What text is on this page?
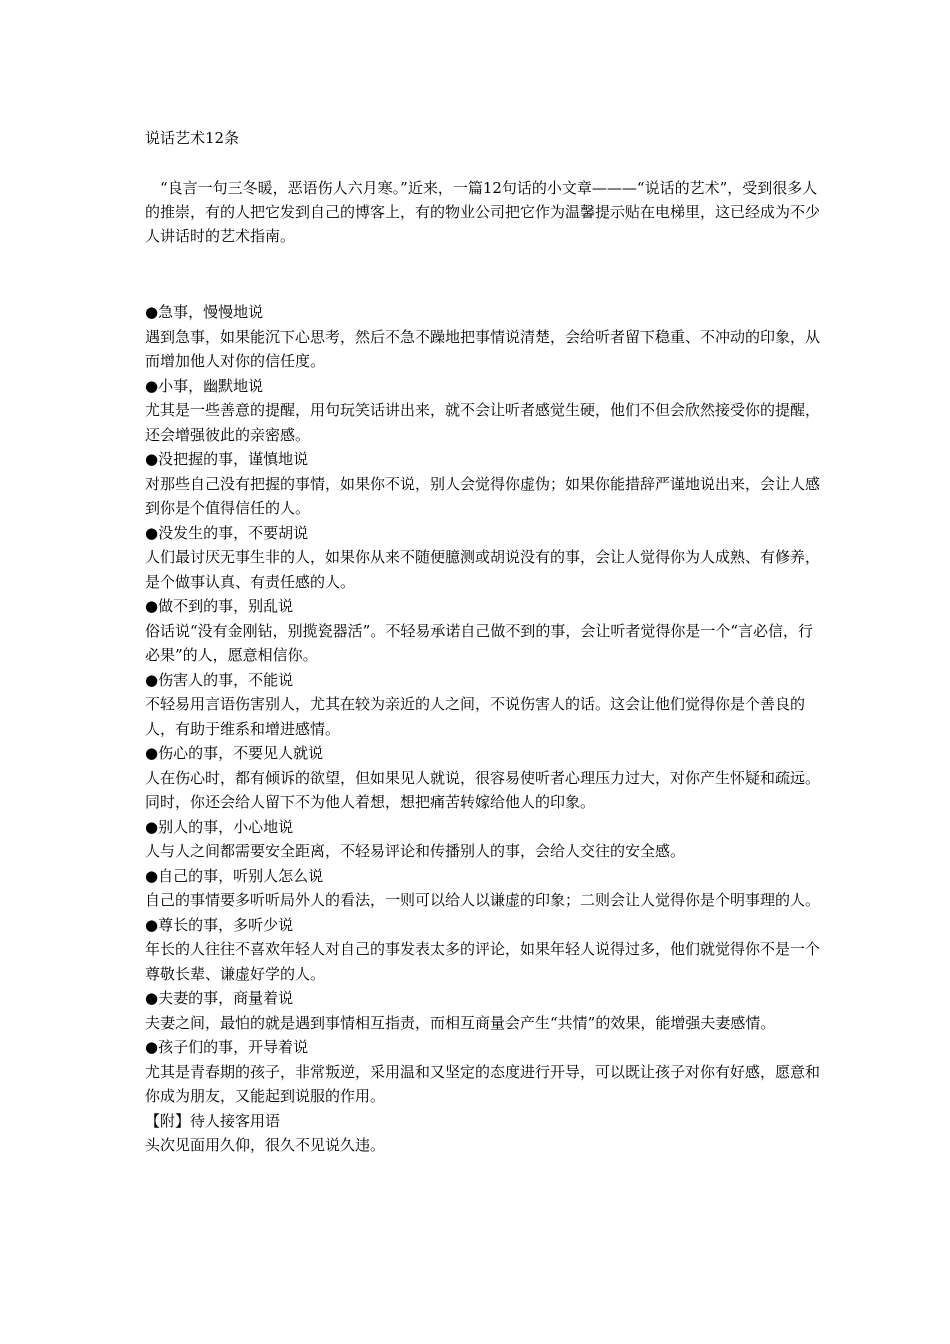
说话艺术12条

“良言一句三冬暖，恶语伤人六月寒。”近来，一篇12句话的小文章———“说话的艺术”，受到很多人的推崇，有的人把它发到自己的博客上，有的物业公司把它作为温馨提示贴在电梯里，这已经成为不少人讲话时的艺术指南。

●急事，慢慢地说

遇到急事，如果能沉下心思考，然后不急不躁地把事情说清楚，会给听者留下稳重、不冲动的印象，从而增加他人对你的信任度。

●小事，幽默地说

尤其是一些善意的提醒，用句玩笑话讲出来，就不会让听者感觉生硬，他们不但会欣然接受你的提醒，还会增强彼此的亲密感。

●没把握的事，谨慎地说

对那些自己没有把握的事情，如果你不说，别人会觉得你虚伪；如果你能措辞严谨地说出来，会让人感到你是个值得信任的人。

●没发生的事，不要胡说

人们最讨厌无事生非的人，如果你从来不随便臆测或胡说没有的事，会让人觉得你为人成熟、有修养，是个做事认真、有责任感的人。

●做不到的事，别乱说

俗话说“没有金刚钻，别揽瓷器活”。不轻易承诺自己做不到的事，会让听者觉得你是一个“言必信，行必果”的人，愿意相信你。

●伤害人的事，不能说

不轻易用言语伤害别人，尤其在较为亲近的人之间，不说伤害人的话。这会让他们觉得你是个善良的人，有助于维系和增进感情。

●伤心的事，不要见人就说

人在伤心时，都有倾诉的欲望，但如果见人就说，很容易使听者心理压力过大，对你产生怀疑和疏远。同时，你还会给人留下不为他人着想，想把痛苦转嫁给他人的印象。

●别人的事，小心地说

人与人之间都需要安全距离，不轻易评论和传播别人的事，会给人交往的安全感。

●自己的事，听别人怎么说

自己的事情要多听听局外人的看法，一则可以给人以谦虚的印象；二则会让人觉得你是个明事理的人。

●尊长的事，多听少说

年长的人往往不喜欢年轻人对自己的事发表太多的评论，如果年轻人说得过多，他们就觉得你不是一个尊敬长辈、谦虚好学的人。

●夫妻的事，商量着说

夫妻之间，最怕的就是遇到事情相互指责，而相互商量会产生“共情”的效果，能增强夫妻感情。

●孩子们的事，开导着说

尤其是青春期的孩子，非常叛逆，采用温和又坚定的态度进行开导，可以既让孩子对你有好感，愿意和你成为朋友，又能起到说服的作用。

【附】待人接客用语

头次见面用久仰，很久不见说久违。
